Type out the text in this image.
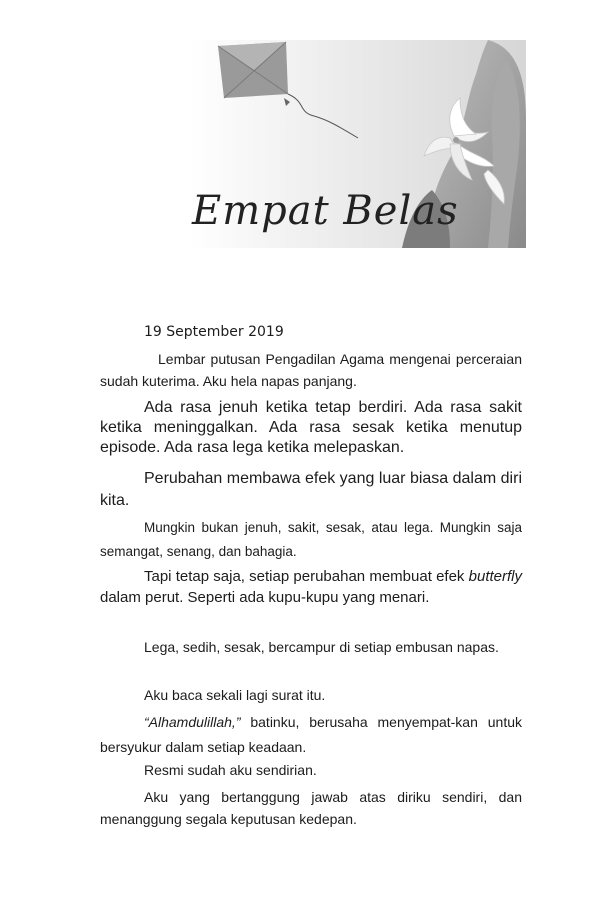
Empat Belas
19 September 2019

Lembar putusan Pengadilan Agama mengenai perceraian sudah kuterima. Aku hela napas panjang.

Ada rasa jenuh ketika tetap berdiri. Ada rasa sakit ketika meninggalkan. Ada rasa sesak ketika menutup episode. Ada rasa lega ketika melepaskan.

Perubahan membawa efek yang luar biasa dalam diri kita.

Mungkin bukan jenuh, sakit, sesak, atau lega. Mungkin saja semangat, senang, dan bahagia.

Tapi tetap saja, setiap perubahan membuat efek butterfly dalam perut. Seperti ada kupu-kupu yang menari.

Lega, sedih, sesak, bercampur di setiap embusan napas.

Aku baca sekali lagi surat itu.

“Alhamdulillah,” batinku, berusaha menyempat-kan untuk bersyukur dalam setiap keadaan.

Resmi sudah aku sendirian.

Aku yang bertanggung jawab atas diriku sendiri, dan menanggung segala keputusan kedepan.
